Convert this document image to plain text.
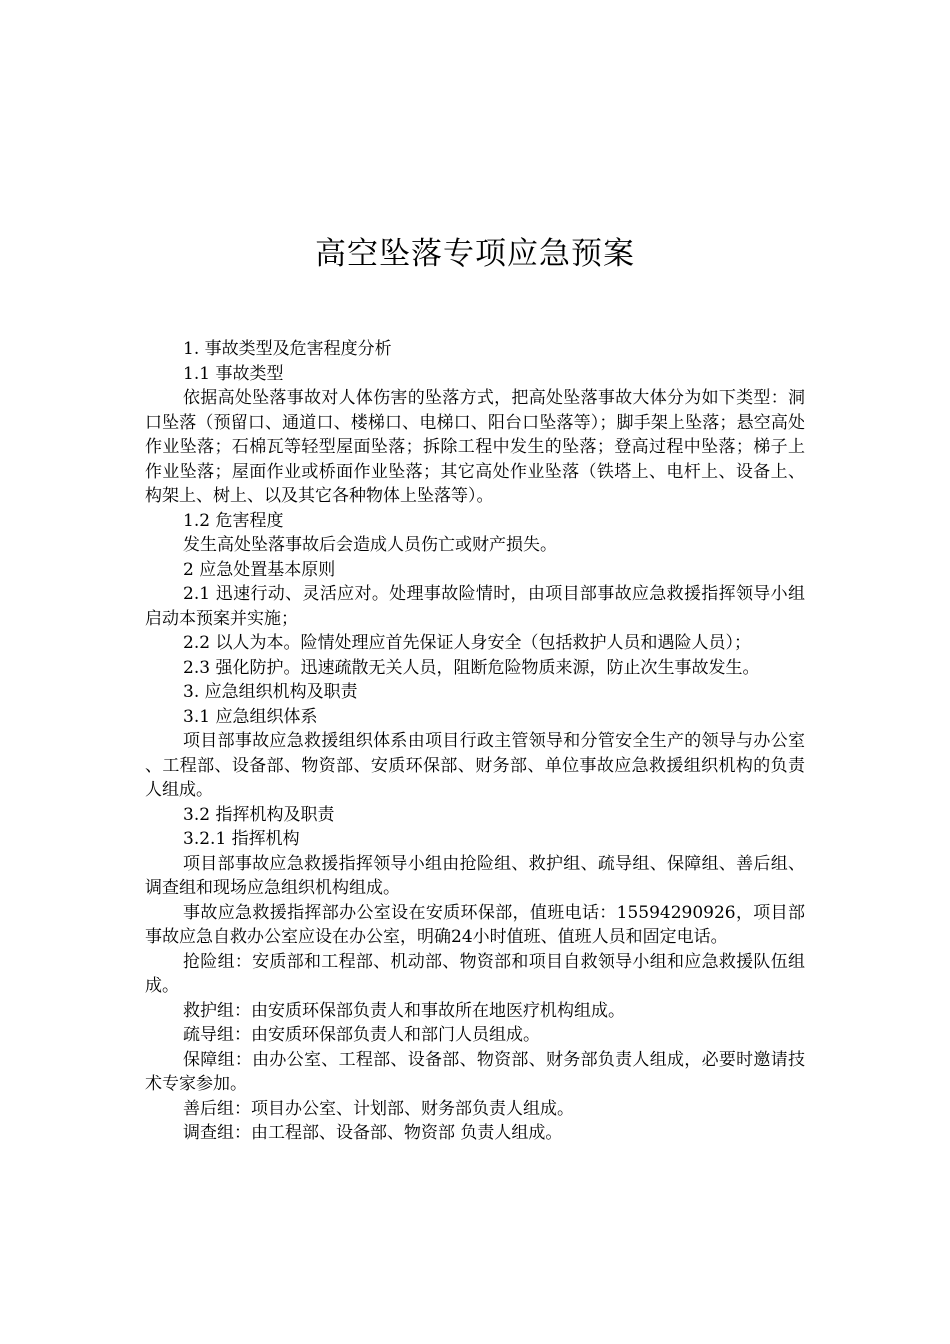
高空坠落专项应急预案

1. 事故类型及危害程度分析

1.1 事故类型

依据高处坠落事故对人体伤害的坠落方式，把高处坠落事故大体分为如下类型：洞口坠落（预留口、通道口、楼梯口、电梯口、阳台口坠落等）；脚手架上坠落；悬空高处作业坠落；石棉瓦等轻型屋面坠落；拆除工程中发生的坠落；登高过程中坠落；梯子上作业坠落；屋面作业或桥面作业坠落；其它高处作业坠落（铁塔上、电杆上、设备上、构架上、树上、以及其它各种物体上坠落等）。

1.2 危害程度

发生高处坠落事故后会造成人员伤亡或财产损失。

2 应急处置基本原则

2.1 迅速行动、灵活应对。处理事故险情时，由项目部事故应急救援指挥领导小组启动本预案并实施；

2.2 以人为本。险情处理应首先保证人身安全（包括救护人员和遇险人员）；

2.3 强化防护。迅速疏散无关人员，阻断危险物质来源，防止次生事故发生。

3. 应急组织机构及职责

3.1 应急组织体系

项目部事故应急救援组织体系由项目行政主管领导和分管安全生产的领导与办公室、工程部、设备部、物资部、安质环保部、财务部、单位事故应急救援组织机构的负责人组成。

3.2 指挥机构及职责

3.2.1 指挥机构

项目部事故应急救援指挥领导小组由抢险组、救护组、疏导组、保障组、善后组、调查组和现场应急组织机构组成。

事故应急救援指挥部办公室设在安质环保部，值班电话：15594290926，项目部事故应急自救办公室应设在办公室，明确24小时值班、值班人员和固定电话。

抢险组：安质部和工程部、机动部、物资部和项目自救领导小组和应急救援队伍组成。

救护组：由安质环保部负责人和事故所在地医疗机构组成。

疏导组：由安质环保部负责人和部门人员组成。

保障组：由办公室、工程部、设备部、物资部、财务部负责人组成，必要时邀请技术专家参加。

善后组：项目办公室、计划部、财务部负责人组成。

调查组：由工程部、设备部、物资部 负责人组成。
